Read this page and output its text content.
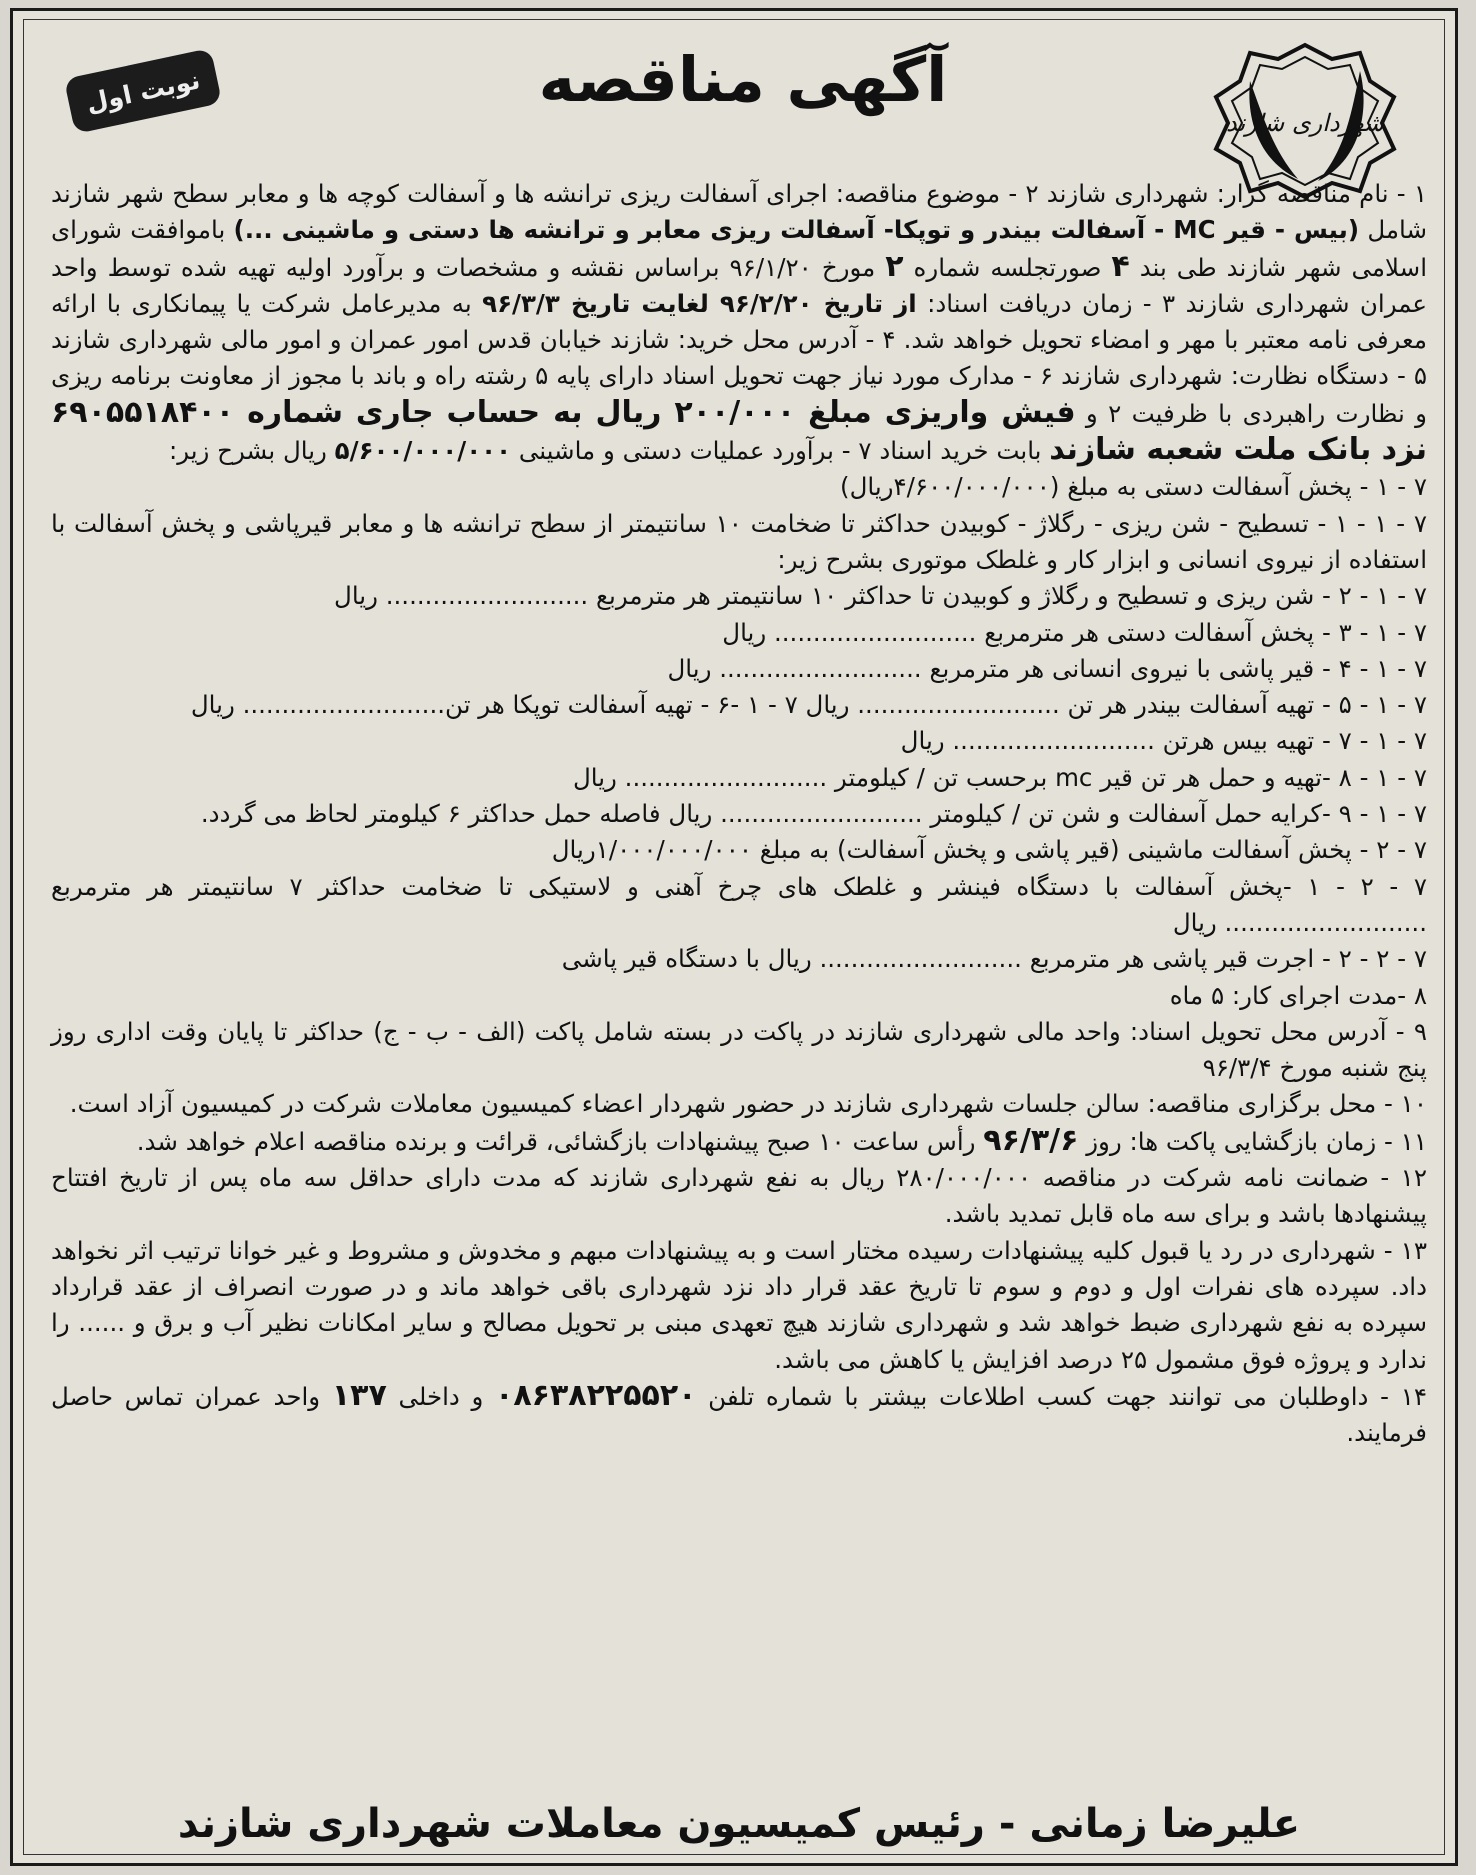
نوبت اول	آگهی مناقصه
شهرداری شازند

۱ - نام مناقصه گزار: شهرداری شازند ۲ - موضوع مناقصه: اجرای آسفالت ریزی ترانشه ها و آسفالت کوچه ها و معابر سطح شهر شازند شامل (بیس - قیر MC - آسفالت بیندر و توپکا- آسفالت ریزی معابر و ترانشه ها دستی و ماشینی ...) باموافقت شورای اسلامی شهر شازند طی بند ۴ صورتجلسه شماره ۲ مورخ ۹۶/۱/۲۰ براساس نقشه و مشخصات و برآورد اولیه تهیه شده توسط واحد عمران شهرداری شازند ۳ - زمان دریافت اسناد: از تاریخ ۹۶/۲/۲۰ لغایت تاریخ ۹۶/۳/۳ به مدیرعامل شرکت یا پیمانکاری با ارائه معرفی نامه معتبر با مهر و امضاء تحویل خواهد شد. ۴ - آدرس محل خرید: شازند خیابان قدس امور عمران و امور مالی شهرداری شازند ۵ - دستگاه نظارت: شهرداری شازند ۶ - مدارک مورد نیاز جهت تحویل اسناد دارای پایه ۵ رشته راه و باند با مجوز از معاونت برنامه ریزی و نظارت راهبردی با ظرفیت ۲ و فیش واریزی مبلغ ۲۰۰/۰۰۰ ریال به حساب جاری شماره ۶۹۰۵۵۱۸۴۰۰ نزد بانک ملت شعبه شازند بابت خرید اسناد ۷ - برآورد عملیات دستی و ماشینی ۵/۶۰۰/۰۰۰/۰۰۰ ریال بشرح زیر:

۷ - ۱ - پخش آسفالت دستی به مبلغ (۴/۶۰۰/۰۰۰/۰۰۰ریال)

۷ - ۱ - ۱ - تسطیح - شن ریزی - رگلاژ - کوبیدن حداکثر تا ضخامت ۱۰ سانتیمتر از سطح ترانشه ها و معابر قیرپاشی و پخش آسفالت با استفاده از نیروی انسانی و ابزار کار و غلطک موتوری بشرح زیر:

۷ - ۱ - ۲ - شن ریزی و تسطیح و رگلاژ و کوبیدن تا حداکثر ۱۰ سانتیمتر هر مترمربع .......................... ریال

۷ - ۱ - ۳ - پخش آسفالت دستی هر مترمربع .......................... ریال

۷ - ۱ - ۴ - قیر پاشی با نیروی انسانی هر مترمربع .......................... ریال

۷ - ۱ - ۵ - تهیه آسفالت بیندر هر تن .......................... ریال ۷ - ۱ -۶ - تهیه آسفالت توپکا هر تن.......................... ریال

۷ - ۱ - ۷ - تهیه بیس هرتن .......................... ریال

۷ - ۱ - ۸ -تهیه و حمل هر تن قیر mc برحسب تن / کیلومتر .......................... ریال

۷ - ۱ - ۹ -کرایه حمل آسفالت و شن تن / کیلومتر .......................... ریال فاصله حمل حداکثر ۶ کیلومتر لحاظ می گردد.

۷ - ۲ - پخش آسفالت ماشینی (قیر پاشی و پخش آسفالت) به مبلغ ۱/۰۰۰/۰۰۰/۰۰۰ریال

۷ - ۲ - ۱ -پخش آسفالت با دستگاه فینشر و غلطک های چرخ آهنی و لاستیکی تا ضخامت حداکثر ۷ سانتیمتر هر مترمربع .......................... ریال

۷ - ۲ - ۲ - اجرت قیر پاشی هر مترمربع .......................... ریال با دستگاه قیر پاشی

۸ -مدت اجرای کار: ۵ ماه

۹ - آدرس محل تحویل اسناد: واحد مالی شهرداری شازند در پاکت در بسته شامل پاکت (الف - ب - ج) حداکثر تا پایان وقت اداری روز پنج شنبه مورخ ۹۶/۳/۴

۱۰ - محل برگزاری مناقصه: سالن جلسات شهرداری شازند در حضور شهردار اعضاء کمیسیون معاملات شرکت در کمیسیون آزاد است.

۱۱ - زمان بازگشایی پاکت ها: روز ۹۶/۳/۶ رأس ساعت ۱۰ صبح پیشنهادات بازگشائی، قرائت و برنده مناقصه اعلام خواهد شد.

۱۲ - ضمانت نامه شرکت در مناقصه ۲۸۰/۰۰۰/۰۰۰ ریال به نفع شهرداری شازند که مدت دارای حداقل سه ماه پس از تاریخ افتتاح پیشنهادها باشد و برای سه ماه قابل تمدید باشد.

۱۳ - شهرداری در رد یا قبول کلیه پیشنهادات رسیده مختار است و به پیشنهادات مبهم و مخدوش و مشروط و غیر خوانا ترتیب اثر نخواهد داد. سپرده های نفرات اول و دوم و سوم تا تاریخ عقد قرار داد نزد شهرداری باقی خواهد ماند و در صورت انصراف از عقد قرارداد سپرده به نفع شهرداری ضبط خواهد شد و شهرداری شازند هیچ تعهدی مبنی بر تحویل مصالح و سایر امکانات نظیر آب و برق و ...... را ندارد و پروژه فوق مشمول ۲۵ درصد افزایش یا کاهش می باشد.

۱۴ - داوطلبان می توانند جهت کسب اطلاعات بیشتر با شماره تلفن ۰۸۶۳۸۲۲۵۵۲۰ و داخلی ۱۳۷ واحد عمران تماس حاصل فرمایند.

علیرضا زمانی - رئیس کمیسیون معاملات شهرداری شازند
